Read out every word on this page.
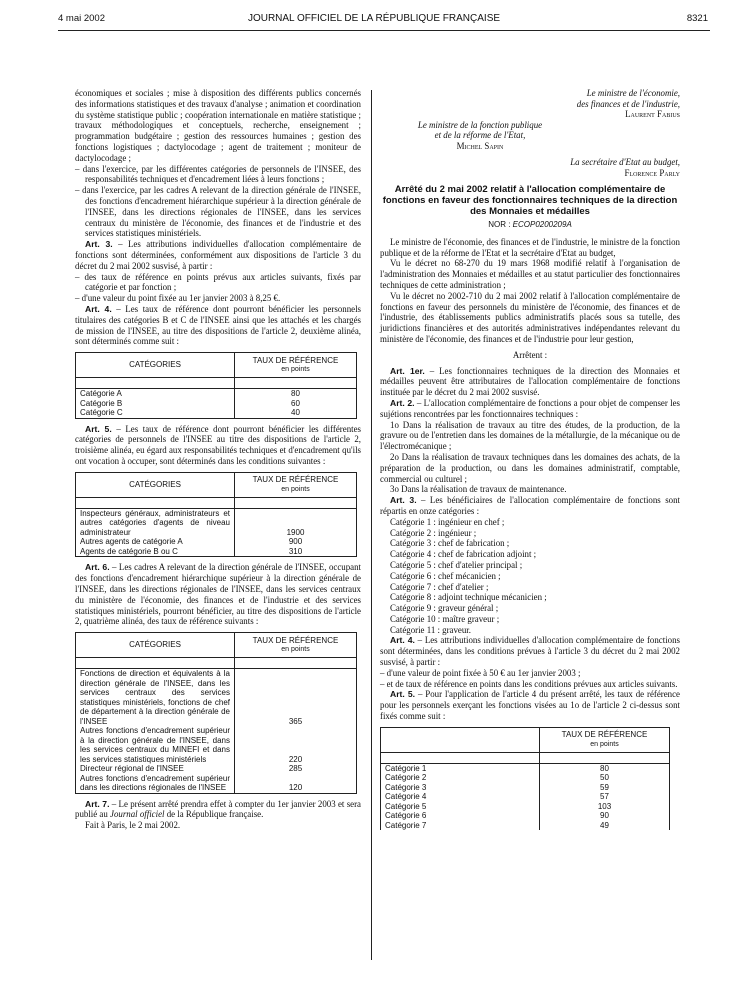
4 mai 2002	JOURNAL OFFICIEL DE LA RÉPUBLIQUE FRANÇAISE	8321

économiques et sociales ; mise à disposition des différents publics concernés des informations statistiques et des travaux d'analyse ; animation et coordination du système statistique public ; coopération internationale en matière statistique ; travaux méthodologiques et conceptuels, recherche, enseignement ; programmation budgétaire ; gestion des ressources humaines ; gestion des fonctions logistiques ; dactylocodage ; agent de traitement ; moniteur de dactylocodage ;

– dans l'exercice, par les différentes catégories de personnels de l'INSEE, des responsabilités techniques et d'encadrement liées à leurs fonctions ;

– dans l'exercice, par les cadres A relevant de la direction générale de l'INSEE, des fonctions d'encadrement hiérarchique supérieur à la direction générale de l'INSEE, dans les directions régionales de l'INSEE, dans les services centraux du ministère de l'économie, des finances et de l'industrie et des services statistiques ministériels.

Art. 3. – Les attributions individuelles d'allocation complémentaire de fonctions sont déterminées, conformément aux dispositions de l'article 3 du décret du 2 mai 2002 susvisé, à partir :

– des taux de référence en points prévus aux articles suivants, fixés par catégorie et par fonction ;

– d'une valeur du point fixée au 1er janvier 2003 à 8,25 €.

Art. 4. – Les taux de référence dont pourront bénéficier les personnels titulaires des catégories B et C de l'INSEE ainsi que les attachés et les chargés de mission de l'INSEE, au titre des dispositions de l'article 2, deuxième alinéa, sont déterminés comme suit :

CATÉGORIES	TAUX DE RÉFÉRENCE
en points

Catégorie A	80
Catégorie B	60
Catégorie C	40

Art. 5. – Les taux de référence dont pourront bénéficier les différentes catégories de personnels de l'INSEE au titre des dispositions de l'article 2, troisième alinéa, eu égard aux responsabilités techniques et d'encadrement qu'ils ont vocation à occuper, sont déterminés dans les conditions suivantes :

CATÉGORIES	TAUX DE RÉFÉRENCE
en points

Inspecteurs généraux, administrateurs et autres catégories d'agents de niveau administrateur	1900
Autres agents de catégorie A	900
Agents de catégorie B ou C	310

Art. 6. – Les cadres A relevant de la direction générale de l'INSEE, occupant des fonctions d'encadrement hiérarchique supérieur à la direction générale de l'INSEE, dans les directions régionales de l'INSEE, dans les services centraux du ministère de l'économie, des finances et de l'industrie et des services statistiques ministériels, pourront bénéficier, au titre des dispositions de l'article 2, quatrième alinéa, des taux de référence suivants :

CATÉGORIES	TAUX DE RÉFÉRENCE
en points

Fonctions de direction et équivalents à la direction générale de l'INSEE, dans les services centraux des services statistiques ministériels, fonctions de chef de département à la direction générale de l'INSEE	365
Autres fonctions d'encadrement supérieur à la direction générale de l'INSEE, dans les services centraux du MINEFI et dans les services statistiques ministériels	220
Directeur régional de l'INSEE	285
Autres fonctions d'encadrement supérieur dans les directions régionales de l'INSEE	120

Art. 7. – Le présent arrêté prendra effet à compter du 1er janvier 2003 et sera publié au Journal officiel de la République française.

Fait à Paris, le 2 mai 2002.

Le ministre de l'économie,
des finances et de l'industrie,
Laurent Fabius
Le ministre de la fonction publique
et de la réforme de l'Etat,
Michel Sapin
La secrétaire d'Etat au budget,
Florence Parly

Arrêté du 2 mai 2002 relatif à l'allocation complémentaire de fonctions en faveur des fonctionnaires techniques de la direction des Monnaies et médailles

NOR : ECOP0200209A

Le ministre de l'économie, des finances et de l'industrie, le ministre de la fonction publique et de la réforme de l'Etat et la secrétaire d'Etat au budget,

Vu le décret no 68-270 du 19 mars 1968 modifié relatif à l'organisation de l'administration des Monnaies et médailles et au statut particulier des fonctionnaires techniques de cette administration ;

Vu le décret no 2002-710 du 2 mai 2002 relatif à l'allocation complémentaire de fonctions en faveur des personnels du ministère de l'économie, des finances et de l'industrie, des établissements publics administratifs placés sous sa tutelle, des juridictions financières et des autorités administratives indépendantes relevant du ministère de l'économie, des finances et de l'industrie pour leur gestion,

Arrêtent :

Art. 1er. – Les fonctionnaires techniques de la direction des Monnaies et médailles peuvent être attributaires de l'allocation complémentaire de fonctions instituée par le décret du 2 mai 2002 susvisé.

Art. 2. – L'allocation complémentaire de fonctions a pour objet de compenser les sujétions rencontrées par les fonctionnaires techniques :

1o Dans la réalisation de travaux au titre des études, de la production, de la gravure ou de l'entretien dans les domaines de la métallurgie, de la mécanique ou de l'électromécanique ;

2o Dans la réalisation de travaux techniques dans les domaines des achats, de la préparation de la production, ou dans les domaines administratif, comptable, commercial ou culturel ;

3o Dans la réalisation de travaux de maintenance.

Art. 3. – Les bénéficiaires de l'allocation complémentaire de fonctions sont répartis en onze catégories :

Catégorie 1 : ingénieur en chef ;

Catégorie 2 : ingénieur ;

Catégorie 3 : chef de fabrication ;

Catégorie 4 : chef de fabrication adjoint ;

Catégorie 5 : chef d'atelier principal ;

Catégorie 6 : chef mécanicien ;

Catégorie 7 : chef d'atelier ;

Catégorie 8 : adjoint technique mécanicien ;

Catégorie 9 : graveur général ;

Catégorie 10 : maître graveur ;

Catégorie 11 : graveur.

Art. 4. – Les attributions individuelles d'allocation complémentaire de fonctions sont déterminées, dans les conditions prévues à l'article 3 du décret du 2 mai 2002 susvisé, à partir :

– d'une valeur de point fixée à 50 € au 1er janvier 2003 ;

– et de taux de référence en points dans les conditions prévues aux articles suivants.

Art. 5. – Pour l'application de l'article 4 du présent arrêté, les taux de référence pour les personnels exerçant les fonctions visées au 1o de l'article 2 ci-dessus sont fixés comme suit :

	TAUX DE RÉFÉRENCE
en points

Catégorie 1	80
Catégorie 2	50
Catégorie 3	59
Catégorie 4	57
Catégorie 5	103
Catégorie 6	90
Catégorie 7	49
